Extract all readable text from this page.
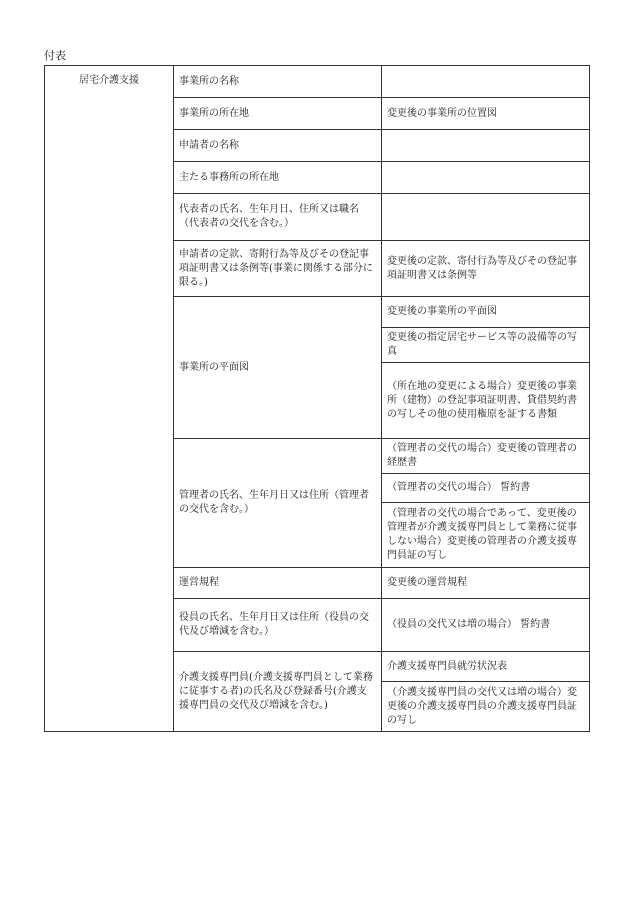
付表
居宅介護支援	事業所の名称	
	事業所の所在地	変更後の事業所の位置図
	申請者の名称	
	主たる事務所の所在地	
	代表者の氏名、生年月日、住所又は職名（代表者の交代を含む。）	
	申請者の定款、寄附行為等及びその登記事項証明書又は条例等(事業に関係する部分に限る。)	変更後の定款、寄付行為等及びその登記事項証明書又は条例等
	事業所の平面図	変更後の事業所の平面図
		変更後の指定居宅サービス等の設備等の写真
		（所在地の変更による場合）変更後の事業所（建物）の登記事項証明書、貸借契約書の写しその他の使用権原を証する書類
	管理者の氏名、生年月日又は住所（管理者の交代を含む。）	（管理者の交代の場合）変更後の管理者の経歴書
		（管理者の交代の場合） 誓約書
		（管理者の交代の場合であって、変更後の管理者が介護支援専門員として業務に従事しない場合）変更後の管理者の介護支援専門員証の写し
	運営規程	変更後の運営規程
	役員の氏名、生年月日又は住所（役員の交代及び増減を含む。）	（役員の交代又は増の場合） 誓約書
	介護支援専門員(介護支援専門員として業務に従事する者)の氏名及び登録番号(介護支援専門員の交代及び増減を含む。)	介護支援専門員就労状況表
		（介護支援専門員の交代又は増の場合）変更後の介護支援専門員の介護支援専門員証の写し
